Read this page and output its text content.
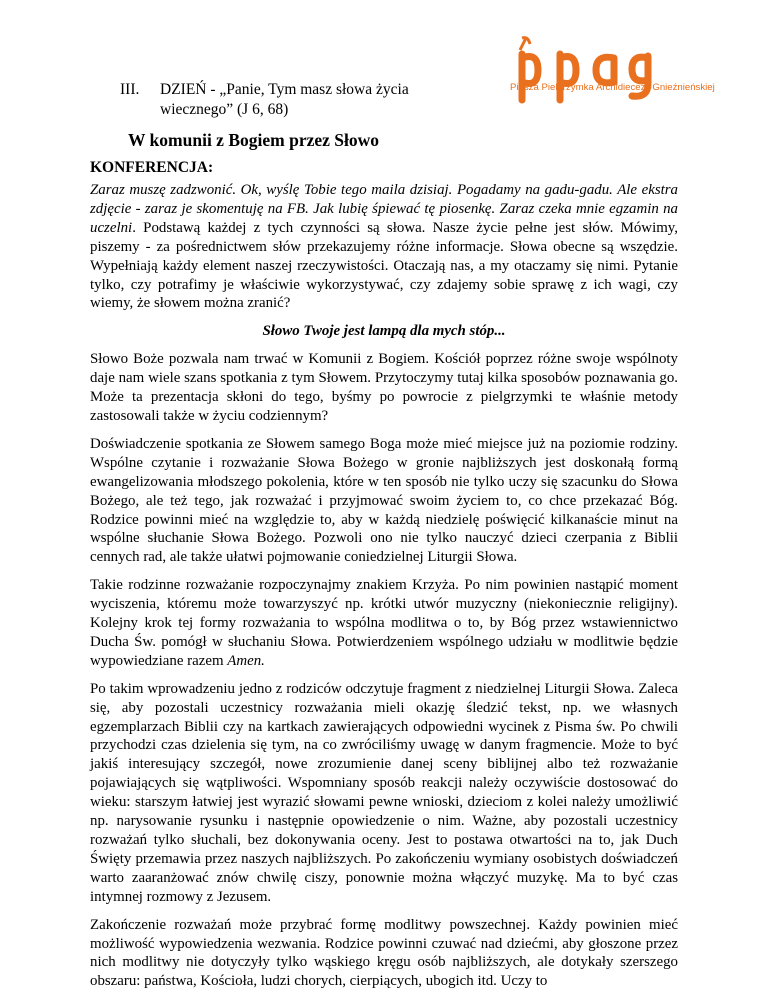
Piesza Pielgrzymka Archidiecezji Gnieźnieńskiej
III. DZIEŃ - „Panie, Tym masz słowa życia
wiecznego” (J 6, 68)
W komunii z Bogiem przez Słowo
KONFERENCJA:

Zaraz muszę zadzwonić. Ok, wyślę Tobie tego maila dzisiaj. Pogadamy na gadu-gadu. Ale ekstra zdjęcie - zaraz je skomentuję na FB. Jak lubię śpiewać tę piosenkę. Zaraz czeka mnie egzamin na uczelni. Podstawą każdej z tych czynności są słowa. Nasze życie pełne jest słów. Mówimy, piszemy - za pośrednictwem słów przekazujemy różne informacje. Słowa obecne są wszędzie. Wypełniają każdy element naszej rzeczywistości. Otaczają nas, a my otaczamy się nimi. Pytanie tylko, czy potrafimy je właściwie wykorzystywać, czy zdajemy sobie sprawę z ich wagi, czy wiemy, że słowem można zranić?

Słowo Twoje jest lampą dla mych stóp...

Słowo Boże pozwala nam trwać w Komunii z Bogiem. Kościół poprzez różne swoje wspólnoty daje nam wiele szans spotkania z tym Słowem. Przytoczymy tutaj kilka sposobów poznawania go. Może ta prezentacja skłoni do tego, byśmy po powrocie z pielgrzymki te właśnie metody zastosowali także w życiu codziennym?

Doświadczenie spotkania ze Słowem samego Boga może mieć miejsce już na poziomie rodziny. Wspólne czytanie i rozważanie Słowa Bożego w gronie najbliższych jest doskonałą formą ewangelizowania młodszego pokolenia, które w ten sposób nie tylko uczy się szacunku do Słowa Bożego, ale też tego, jak rozważać i przyjmować swoim życiem to, co chce przekazać Bóg. Rodzice powinni mieć na względzie to, aby w każdą niedzielę poświęcić kilkanaście minut na wspólne słuchanie Słowa Bożego. Pozwoli ono nie tylko nauczyć dzieci czerpania z Biblii cennych rad, ale także ułatwi pojmowanie coniedzielnej Liturgii Słowa.

Takie rodzinne rozważanie rozpoczynajmy znakiem Krzyża. Po nim powinien nastąpić moment wyciszenia, któremu może towarzyszyć np. krótki utwór muzyczny (niekoniecznie religijny). Kolejny krok tej formy rozważania to wspólna modlitwa o to, by Bóg przez wstawiennictwo Ducha Św. pomógł w słuchaniu Słowa. Potwierdzeniem wspólnego udziału w modlitwie będzie wypowiedziane razem Amen.

Po takim wprowadzeniu jedno z rodziców odczytuje fragment z niedzielnej Liturgii Słowa. Zaleca się, aby pozostali uczestnicy rozważania mieli okazję śledzić tekst, np. we własnych egzemplarzach Biblii czy na kartkach zawierających odpowiedni wycinek z Pisma św. Po chwili przychodzi czas dzielenia się tym, na co zwróciliśmy uwagę w danym fragmencie. Może to być jakiś interesujący szczegół, nowe zrozumienie danej sceny biblijnej albo też rozważanie pojawiających się wątpliwości. Wspomniany sposób reakcji należy oczywiście dostosować do wieku: starszym łatwiej jest wyrazić słowami pewne wnioski, dzieciom z kolei należy umożliwić np. narysowanie rysunku i następnie opowiedzenie o nim. Ważne, aby pozostali uczestnicy rozważań tylko słuchali, bez dokonywania oceny. Jest to postawa otwartości na to, jak Duch Święty przemawia przez naszych najbliższych. Po zakończeniu wymiany osobistych doświadczeń warto zaaranżować znów chwilę ciszy, ponownie można włączyć muzykę. Ma to być czas intymnej rozmowy z Jezusem.

Zakończenie rozważań może przybrać formę modlitwy powszechnej. Każdy powinien mieć możliwość wypowiedzenia wezwania. Rodzice powinni czuwać nad dziećmi, aby głoszone przez nich modlitwy nie dotyczyły tylko wąskiego kręgu osób najbliższych, ale dotykały szerszego obszaru: państwa, Kościoła, ludzi chorych, cierpiących, ubogich itd. Uczy to
